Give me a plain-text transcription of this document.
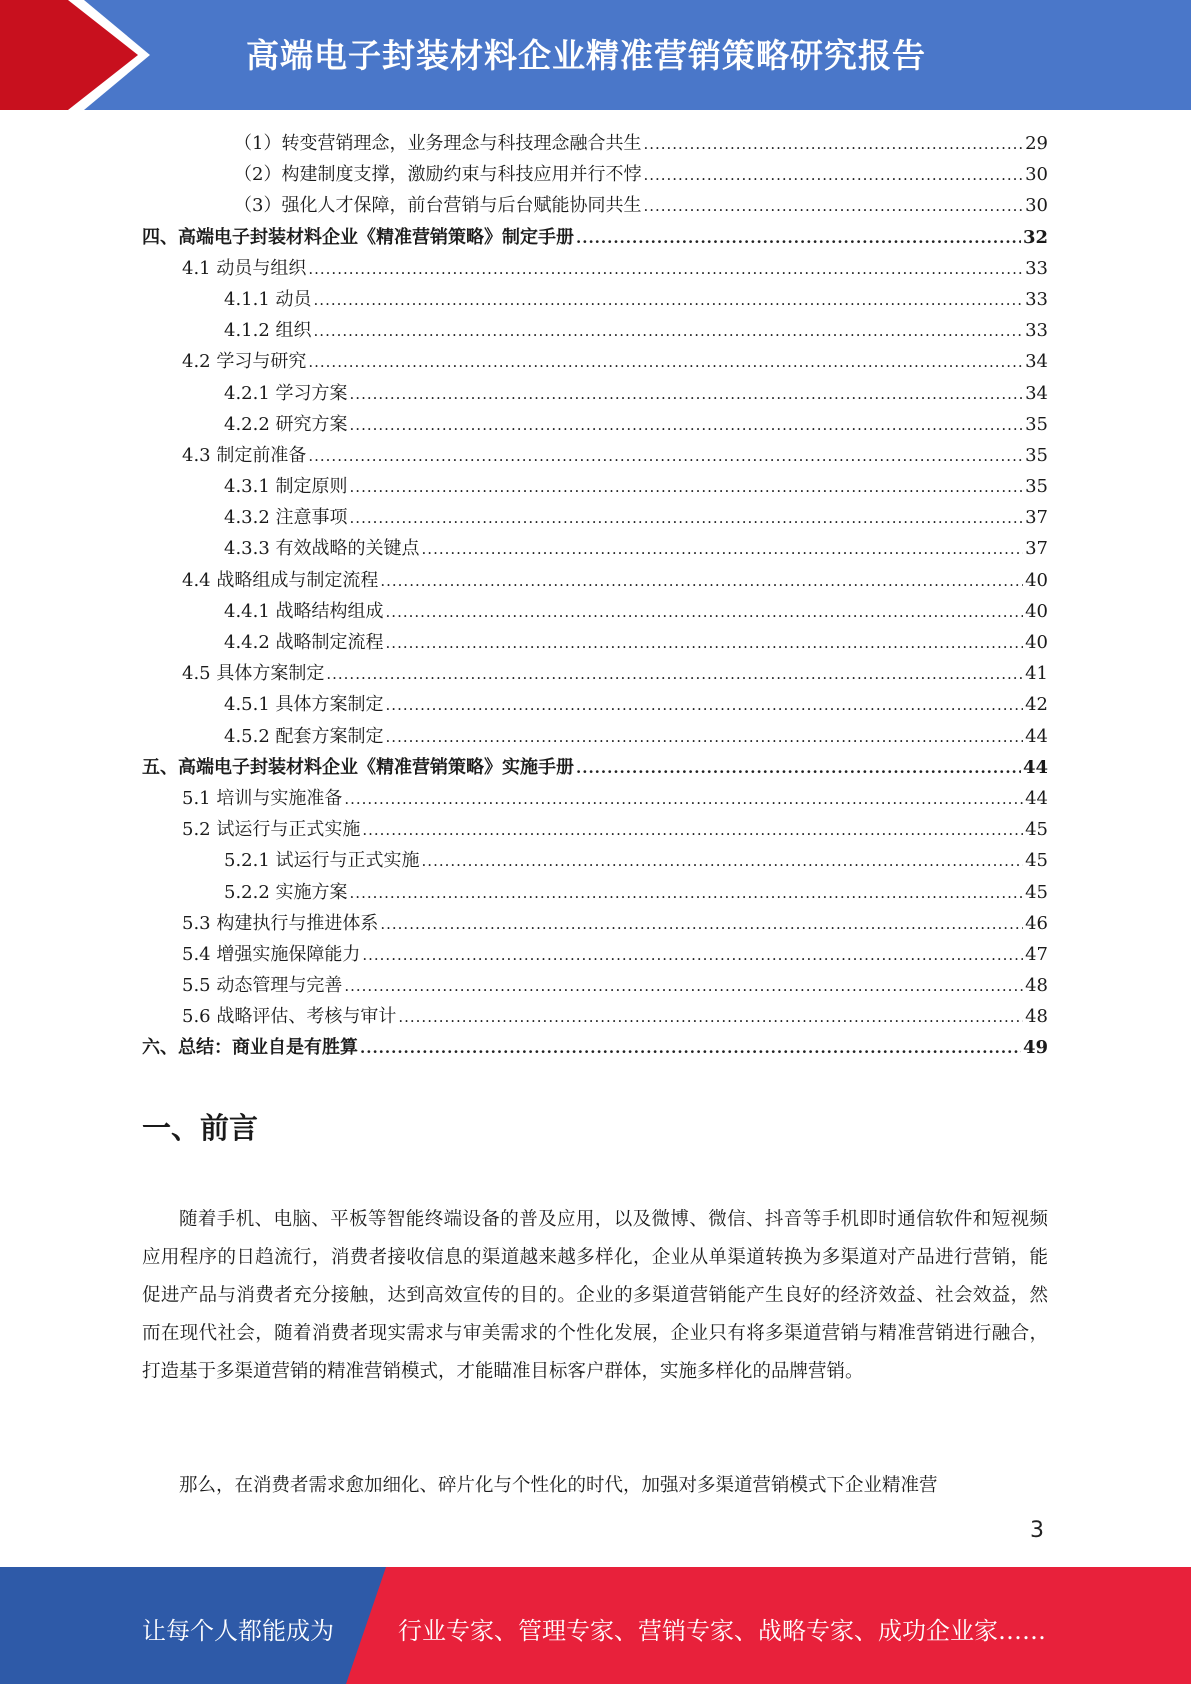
高端电子封装材料企业精准营销策略研究报告
（1）转变营销理念，业务理念与科技理念融合共生 .....	29
（2）构建制度支撑，激励约束与科技应用并行不悖 .....	30
（3）强化人才保障，前台营销与后台赋能协同共生 .....	30
四、高端电子封装材料企业《精准营销策略》制定手册 .....	32
4.1 动员与组织 .....	33
4.1.1 动员 .....	33
4.1.2 组织 .....	33
4.2 学习与研究 .....	34
4.2.1 学习方案 .....	34
4.2.2 研究方案 .....	35
4.3 制定前准备 .....	35
4.3.1 制定原则 .....	35
4.3.2 注意事项 .....	37
4.3.3 有效战略的关键点 .....	37
4.4 战略组成与制定流程 .....	40
4.4.1 战略结构组成 .....	40
4.4.2 战略制定流程 .....	40
4.5 具体方案制定 .....	41
4.5.1 具体方案制定 .....	42
4.5.2 配套方案制定 .....	44
五、高端电子封装材料企业《精准营销策略》实施手册 .....	44
5.1 培训与实施准备 .....	44
5.2 试运行与正式实施 .....	45
5.2.1 试运行与正式实施 .....	45
5.2.2 实施方案 .....	45
5.3 构建执行与推进体系 .....	46
5.4 增强实施保障能力 .....	47
5.5 动态管理与完善 .....	48
5.6 战略评估、考核与审计 .....	48
六、总结：商业自是有胜算 .....	49
一、前言

随着手机、电脑、平板等智能终端设备的普及应用，以及微博、微信、抖音等手机即时通信软件和短视频应用程序的日趋流行，消费者接收信息的渠道越来越多样化，企业从单渠道转换为多渠道对产品进行营销，能促进产品与消费者充分接触，达到高效宣传的目的。企业的多渠道营销能产生良好的经济效益、社会效益，然而在现代社会，随着消费者现实需求与审美需求的个性化发展，企业只有将多渠道营销与精准营销进行融合，打造基于多渠道营销的精准营销模式，才能瞄准目标客户群体，实施多样化的品牌营销。

那么，在消费者需求愈加细化、碎片化与个性化的时代，加强对多渠道营销模式下企业精准营

3
让每个人都能成为	行业专家、管理专家、营销专家、战略专家、成功企业家……
